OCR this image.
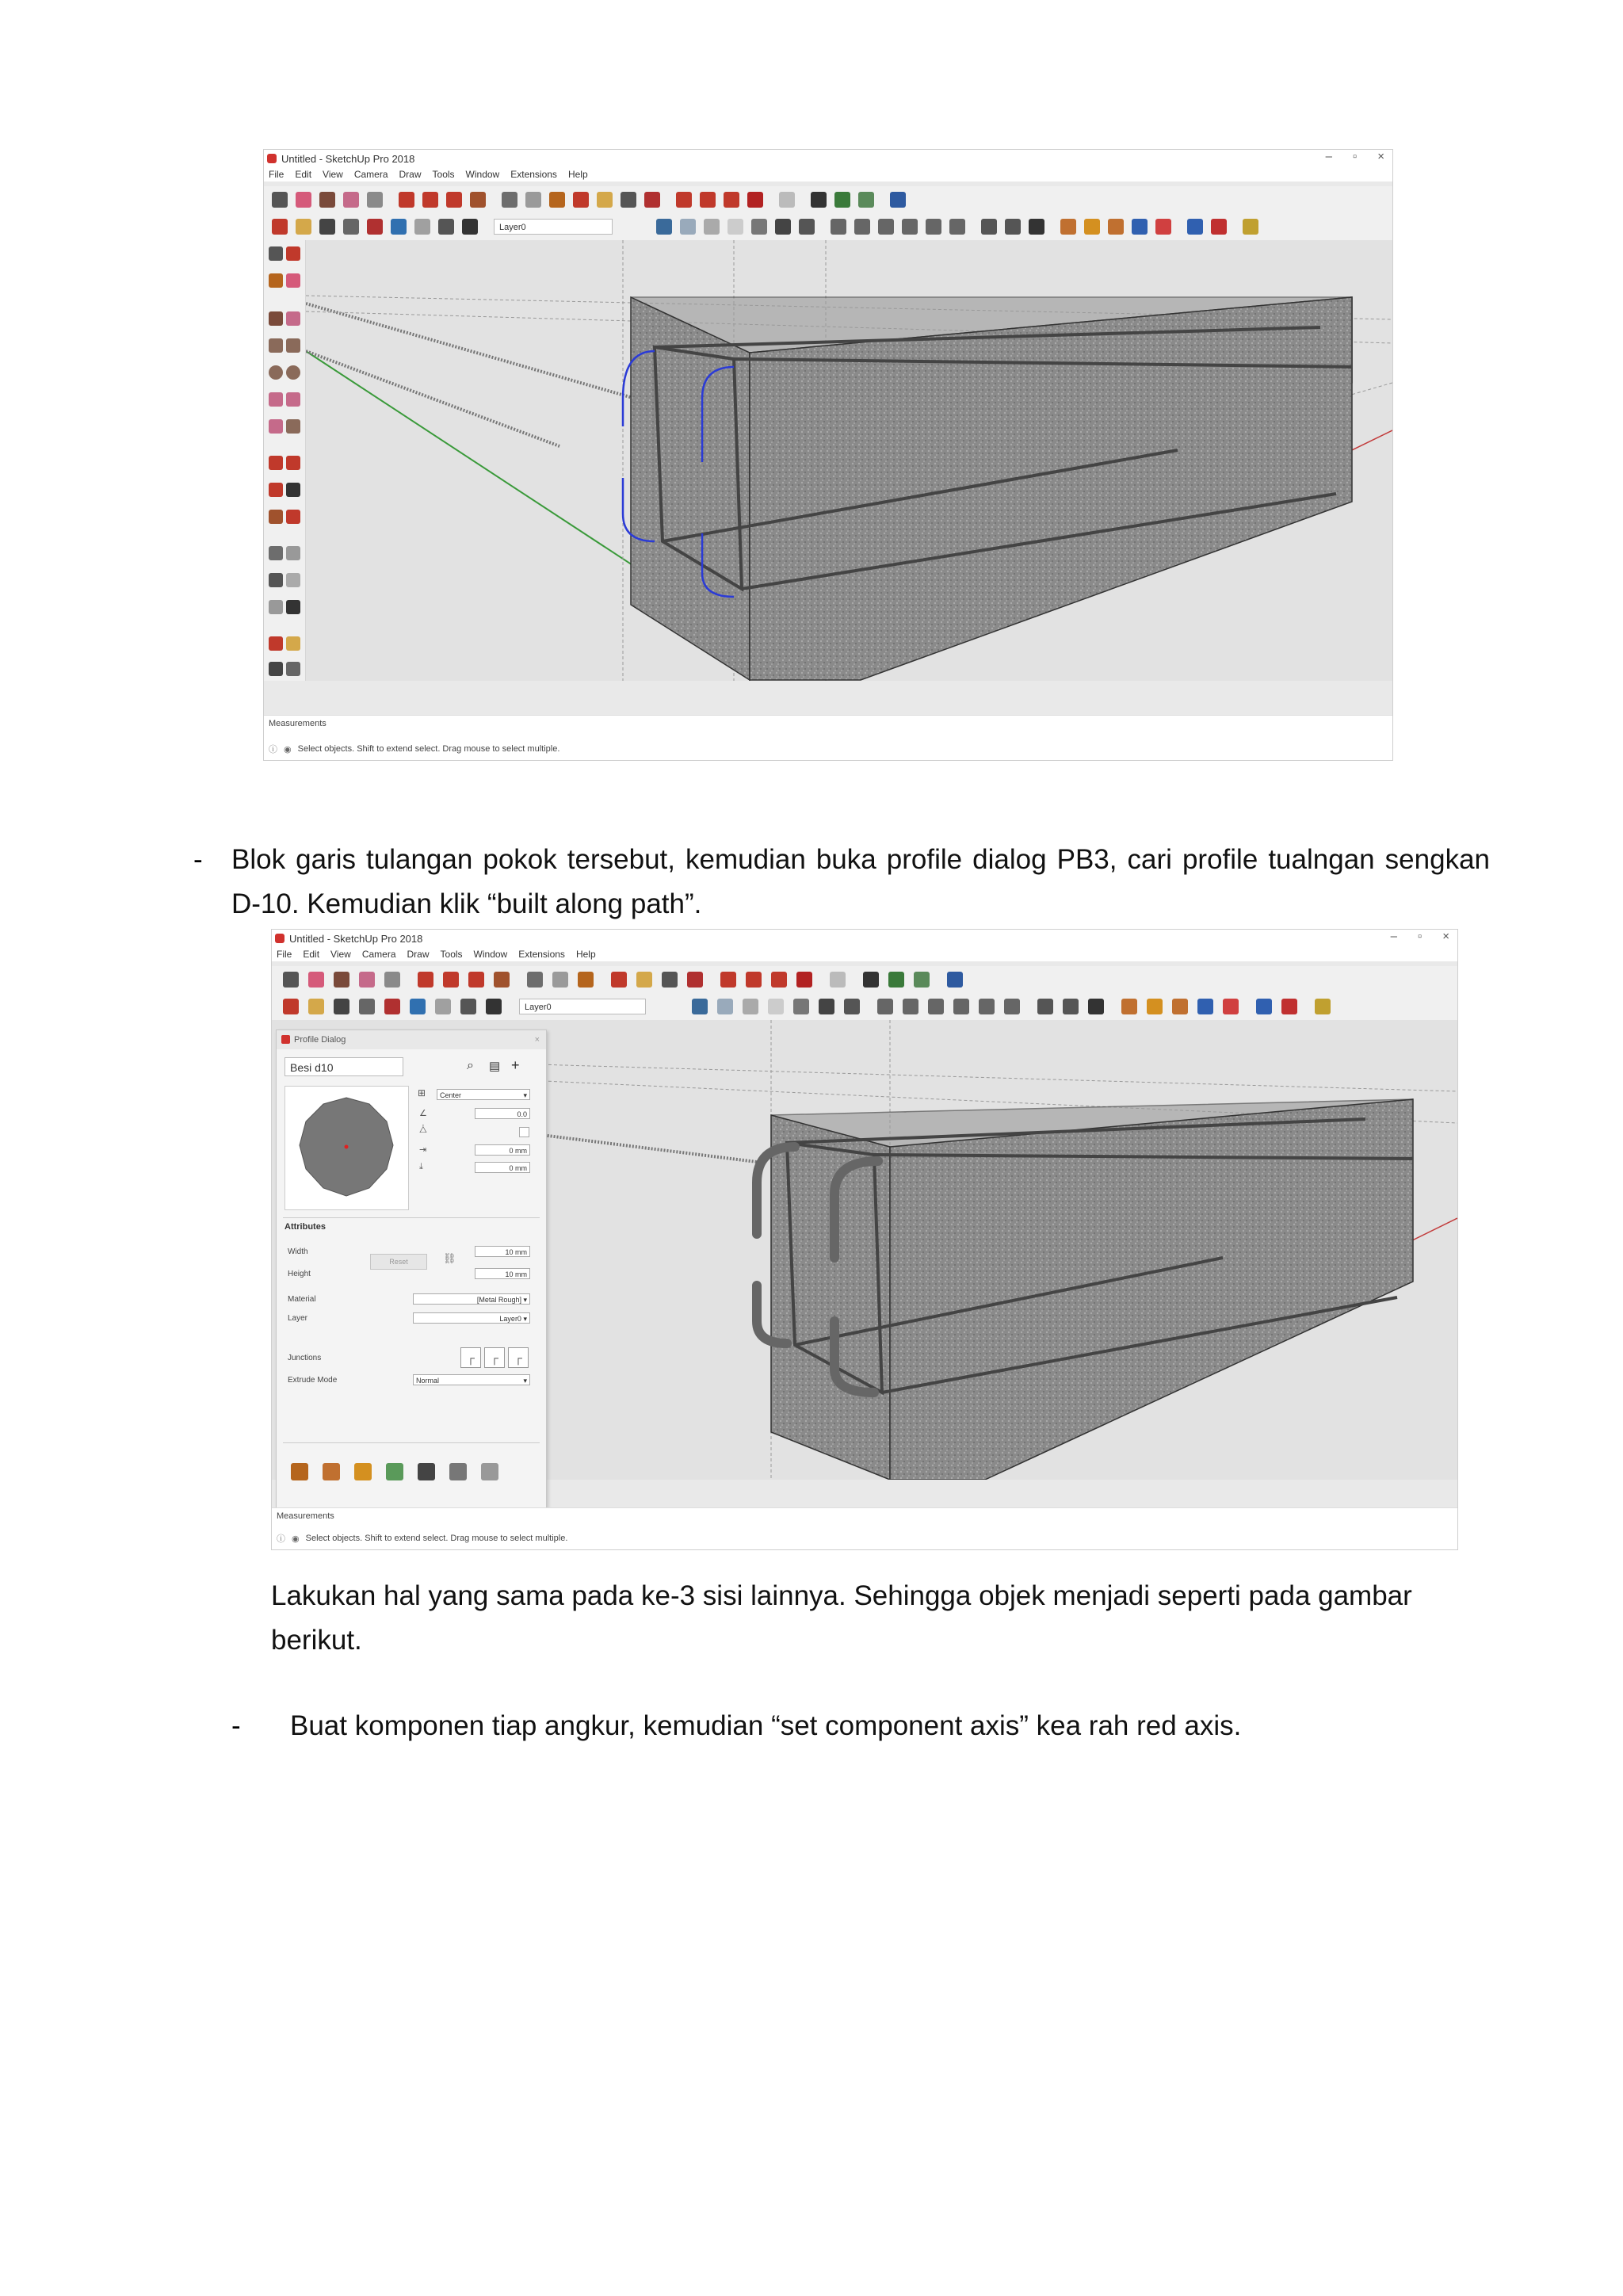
Untitled - SketchUp Pro 2018	– ▫ ×
File Edit View Camera Draw Tools Window Extensions Help
Layer0
Measurements
ⓘ ◉ Select objects. Shift to extend select. Drag mouse to select multiple.
- Blok garis tulangan pokok tersebut, kemudian buka profile dialog PB3, cari profile tualngan sengkan D-10. Kemudian klik “built along path”.
Untitled - SketchUp Pro 2018	– ▫ ×
File Edit View Camera Draw Tools Window Extensions Help
Layer0
Profile Dialog	×
Besi d10	⌕ ▤ +
⊞	Center	▾
∠	0.0
⧊
⇥	0 mm
⤓	0 mm
Attributes
Width
Height
Reset	⛓	10 mm
10 mm
Material	[Metal Rough] ▾
Layer	Layer0 ▾
Junctions	┌	┌	┌
Extrude Mode	Normal	▾
Measurements
ⓘ ◉ Select objects. Shift to extend select. Drag mouse to select multiple.
Lakukan hal yang sama pada ke-3 sisi lainnya. Sehingga objek menjadi seperti pada gambar berikut.
- Buat komponen tiap angkur, kemudian “set component axis” kea rah red axis.
